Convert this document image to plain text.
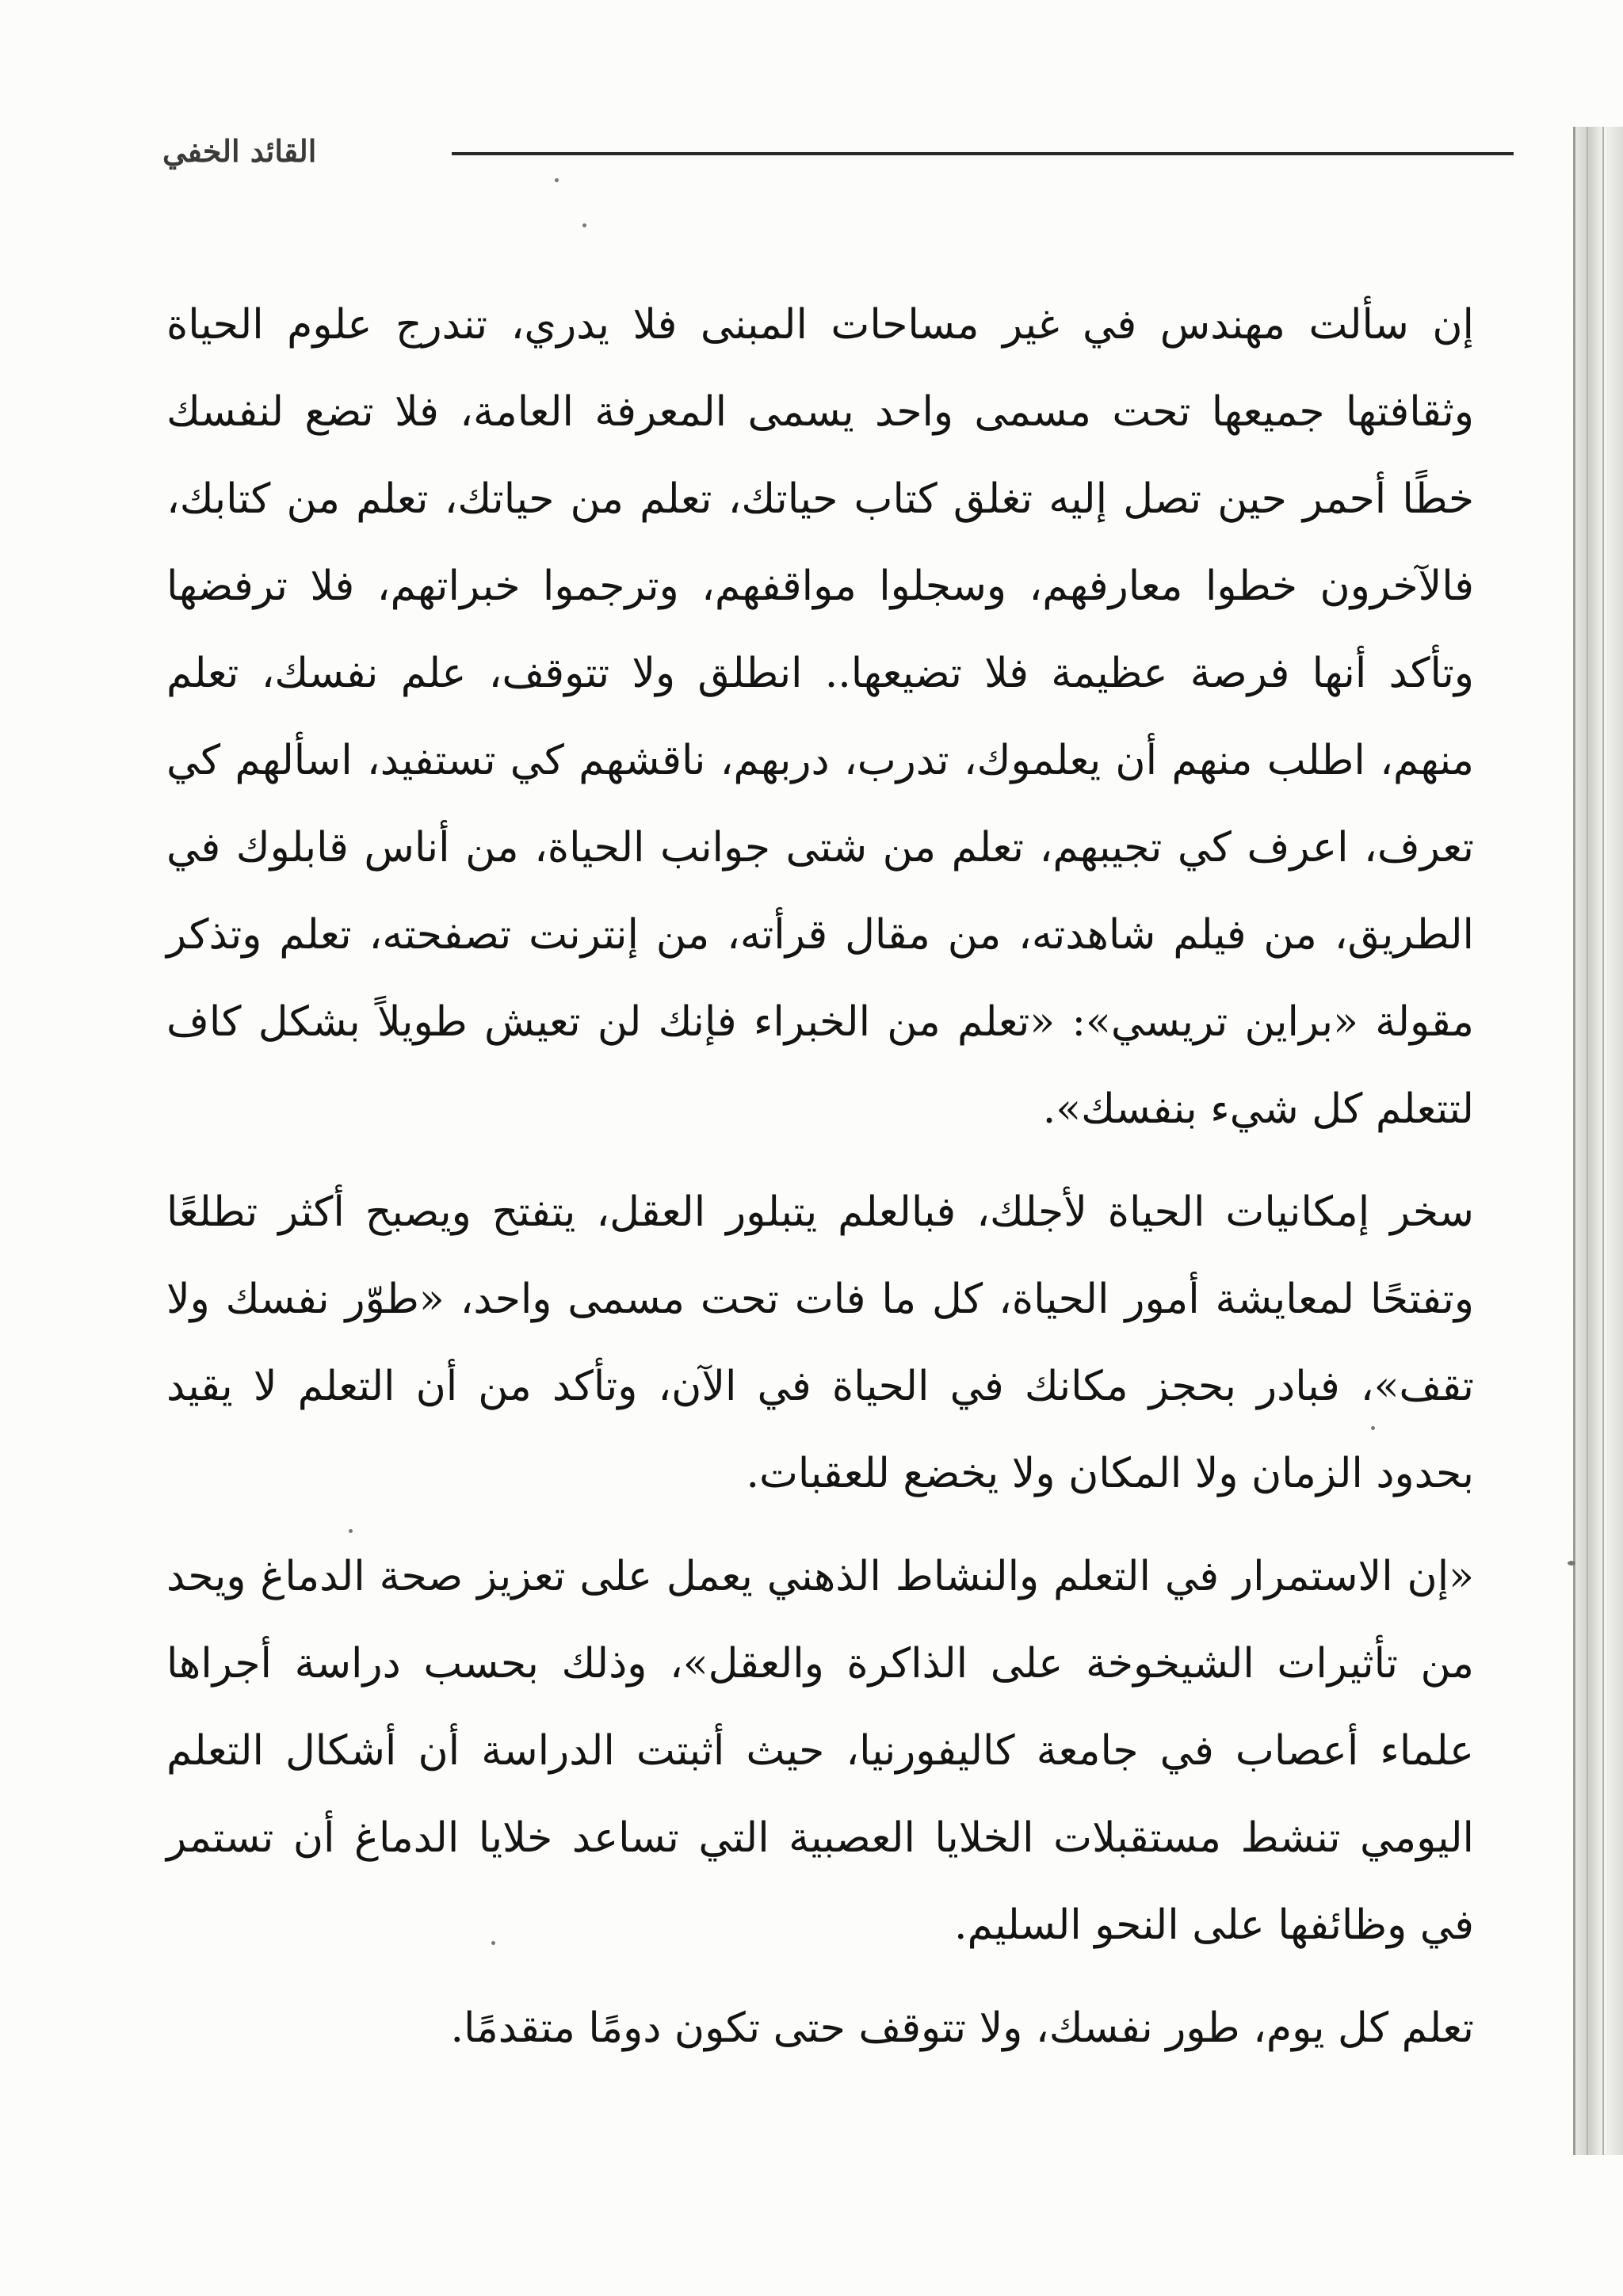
القائد الخفي

إن سألت مهندس في غير مساحات المبنى فلا يدري، تندرج علوم الحياة وثقافتها جميعها تحت مسمى واحد يسمى المعرفة العامة، فلا تضع لنفسك خطًا أحمر حين تصل إليه تغلق كتاب حياتك، تعلم من حياتك، تعلم من كتابك، فالآخرون خطوا معارفهم، وسجلوا مواقفهم، وترجموا خبراتهم، فلا ترفضها وتأكد أنها فرصة عظيمة فلا تضيعها.. انطلق ولا تتوقف، علم نفسك، تعلم منهم، اطلب منهم أن يعلموك، تدرب، دربهم، ناقشهم كي تستفيد، اسألهم كي تعرف، اعرف كي تجيبهم، تعلم من شتى جوانب الحياة، من أناس قابلوك في الطريق، من فيلم شاهدته، من مقال قرأته، من إنترنت تصفحته، تعلم وتذكر مقولة «براين تريسي»: «تعلم من الخبراء فإنك لن تعيش طويلاً بشكل كاف لتتعلم كل شيء بنفسك».

سخر إمكانيات الحياة لأجلك، فبالعلم يتبلور العقل، يتفتح ويصبح أكثر تطلعًا وتفتحًا لمعايشة أمور الحياة، كل ما فات تحت مسمى واحد، «طوّر نفسك ولا تقف»، فبادر بحجز مكانك في الحياة في الآن، وتأكد من أن التعلم لا يقيد بحدود الزمان ولا المكان ولا يخضع للعقبات.

«إن الاستمرار في التعلم والنشاط الذهني يعمل على تعزيز صحة الدماغ ويحد من تأثيرات الشيخوخة على الذاكرة والعقل»، وذلك بحسب دراسة أجراها علماء أعصاب في جامعة كاليفورنيا، حيث أثبتت الدراسة أن أشكال التعلم اليومي تنشط مستقبلات الخلايا العصبية التي تساعد خلايا الدماغ أن تستمر في وظائفها على النحو السليم.

تعلم كل يوم، طور نفسك، ولا تتوقف حتى تكون دومًا متقدمًا.
